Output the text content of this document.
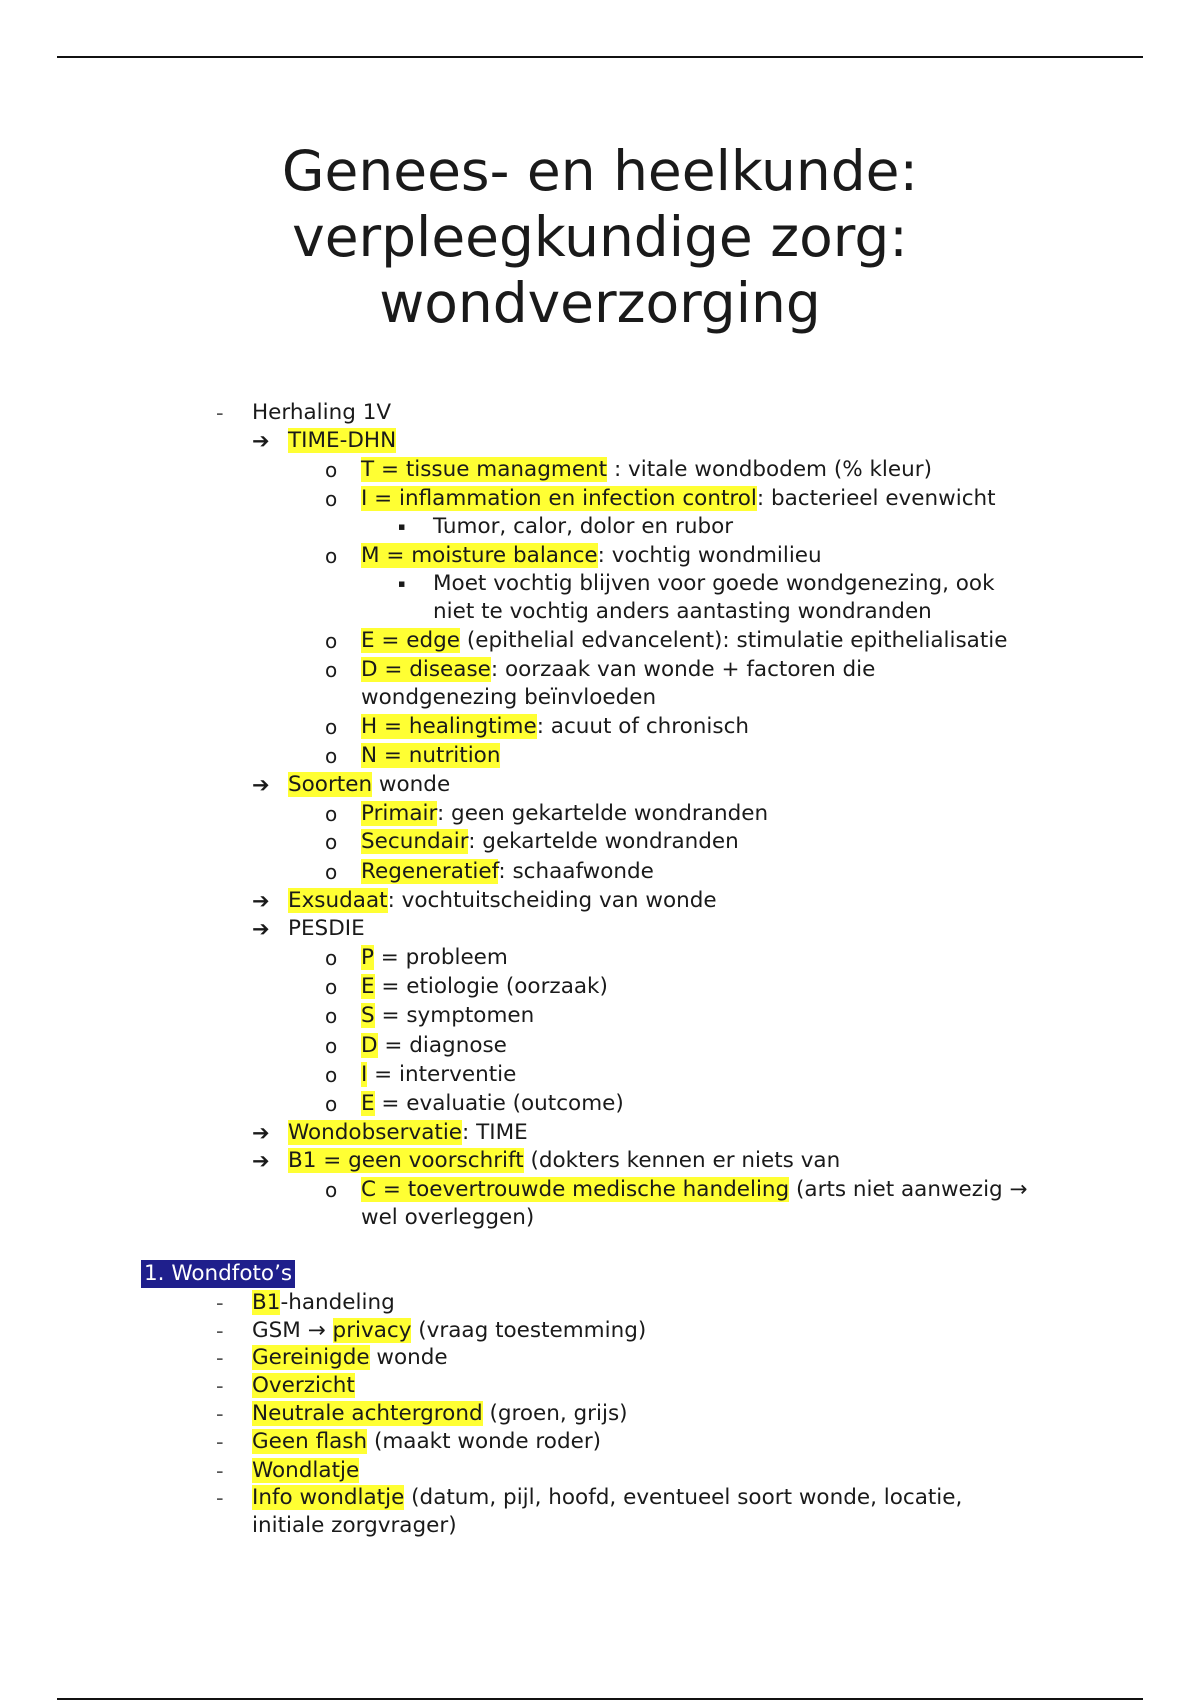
Genees- en heelkunde:
verpleegkundige zorg:
wondverzorging
- Herhaling 1V
➔ TIME-DHN
o T = tissue managment : vitale wondbodem (% kleur)
o I = inflammation en infection control: bacterieel evenwicht
▪ Tumor, calor, dolor en rubor
o M = moisture balance: vochtig wondmilieu
▪ Moet vochtig blijven voor goede wondgenezing, ook
niet te vochtig anders aantasting wondranden
o E = edge (epithelial edvancelent): stimulatie epithelialisatie
o D = disease: oorzaak van wonde + factoren die
wondgenezing beïnvloeden
o H = healingtime: acuut of chronisch
o N = nutrition
➔ Soorten wonde
o Primair: geen gekartelde wondranden
o Secundair: gekartelde wondranden
o Regeneratief: schaafwonde
➔ Exsudaat: vochtuitscheiding van wonde
➔ PESDIE
o P = probleem
o E = etiologie (oorzaak)
o S = symptomen
o D = diagnose
o I = interventie
o E = evaluatie (outcome)
➔ Wondobservatie: TIME
➔ B1 = geen voorschrift (dokters kennen er niets van
o C = toevertrouwde medische handeling (arts niet aanwezig →
wel overleggen)
1. Wondfoto’s
- B1-handeling
- GSM → privacy (vraag toestemming)
- Gereinigde wonde
- Overzicht
- Neutrale achtergrond (groen, grijs)
- Geen flash (maakt wonde roder)
- Wondlatje
- Info wondlatje (datum, pijl, hoofd, eventueel soort wonde, locatie,
initiale zorgvrager)
